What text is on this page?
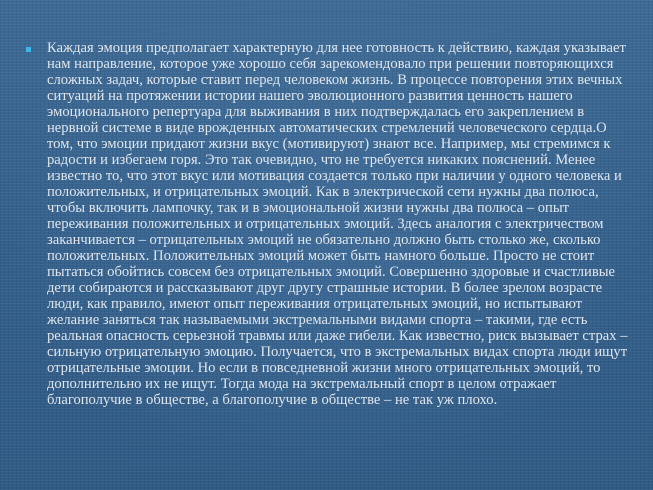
Каждая эмоция предполагает характерную для нее готовность к действию, каждая указывает нам направление, которое уже хорошо себя зарекомендовало при решении повторяющихся сложных задач, которые ставит перед человеком жизнь. В процессе повторения этих вечных ситуаций на протяжении истории нашего эволюционного развития ценность нашего эмоционального репертуара для выживания в них подтверждалась его закреплением в нервной системе в виде врожденных автоматических стремлений человеческого сердца.О том, что эмоции придают жизни вкус (мотивируют) знают все. Например, мы стремимся к радости и избегаем горя. Это так очевидно, что не требуется никаких пояснений. Менее известно то, что этот вкус или мотивация создается только при наличии у одного человека и положительных, и отрицательных эмоций. Как в электрической сети нужны два полюса, чтобы включить лампочку, так и в эмоциональной жизни нужны два полюса – опыт переживания положительных и отрицательных эмоций. Здесь аналогия с электричеством заканчивается – отрицательных эмоций не обязательно должно быть столько же, сколько положительных. Положительных эмоций может быть намного больше. Просто не стоит пытаться обойтись совсем без отрицательных эмоций. Совершенно здоровые и счастливые дети собираются и рассказывают друг другу страшные истории. В более зрелом возрасте люди, как правило, имеют опыт переживания отрицательных эмоций, но испытывают желание заняться так называемыми экстремальными видами спорта – такими, где есть реальная опасность серьезной травмы или даже гибели. Как известно, риск вызывает страх – сильную отрицательную эмоцию. Получается, что в экстремальных видах спорта люди ищут отрицательные эмоции. Но если в повседневной жизни много отрицательных эмоций, то дополнительно их не ищут. Тогда мода на экстремальный спорт в целом отражает благополучие в обществе, а благополучие в обществе – не так уж плохо.
